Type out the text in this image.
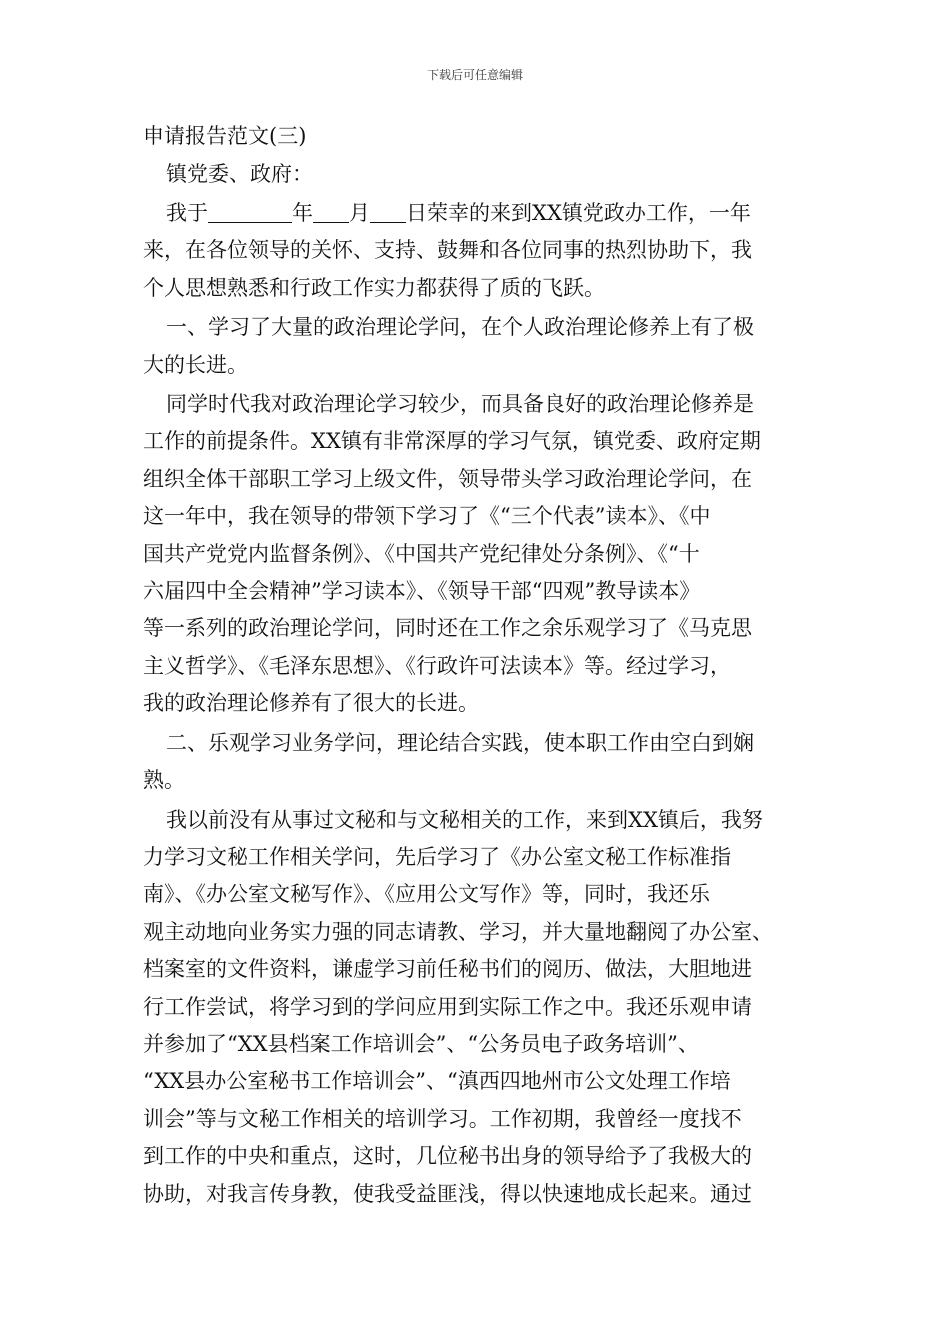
下载后可任意编辑
申请报告范文(三)
镇党委、政府：
我于	年 月 日荣幸的来到XX镇党政办工作，一年
来，在各位领导的关怀、支持、鼓舞和各位同事的热烈协助下，我
个人思想熟悉和行政工作实力都获得了质的飞跃。
一、学习了大量的政治理论学问，在个人政治理论修养上有了极
大的长进。
同学时代我对政治理论学习较少，而具备良好的政治理论修养是
工作的前提条件。XX镇有非常深厚的学习气氛，镇党委、政府定期
组织全体干部职工学习上级文件，领导带头学习政治理论学问，在
这一年中，我在领导的带领下学习了《“三个代表”读本》、《中
国共产党党内监督条例》、《中国共产党纪律处分条例》、《“十
六届四中全会精神”学习读本》、《领导干部“四观”教导读本》
等一系列的政治理论学问，同时还在工作之余乐观学习了《马克思
主义哲学》、《毛泽东思想》、《行政许可法读本》等。经过学习，
我的政治理论修养有了很大的长进。
二、乐观学习业务学问，理论结合实践，使本职工作由空白到娴
熟。
我以前没有从事过文秘和与文秘相关的工作，来到XX镇后，我努
力学习文秘工作相关学问，先后学习了《办公室文秘工作标准指
南》、《办公室文秘写作》、《应用公文写作》等，同时，我还乐
观主动地向业务实力强的同志请教、学习，并大量地翻阅了办公室、
档案室的文件资料，谦虚学习前任秘书们的阅历、做法，大胆地进
行工作尝试，将学习到的学问应用到实际工作之中。我还乐观申请
并参加了“XX县档案工作培训会”、“公务员电子政务培训”、
“XX县办公室秘书工作培训会”、“滇西四地州市公文处理工作培
训会”等与文秘工作相关的培训学习。工作初期，我曾经一度找不
到工作的中央和重点，这时，几位秘书出身的领导给予了我极大的
协助，对我言传身教，使我受益匪浅，得以快速地成长起来。通过
